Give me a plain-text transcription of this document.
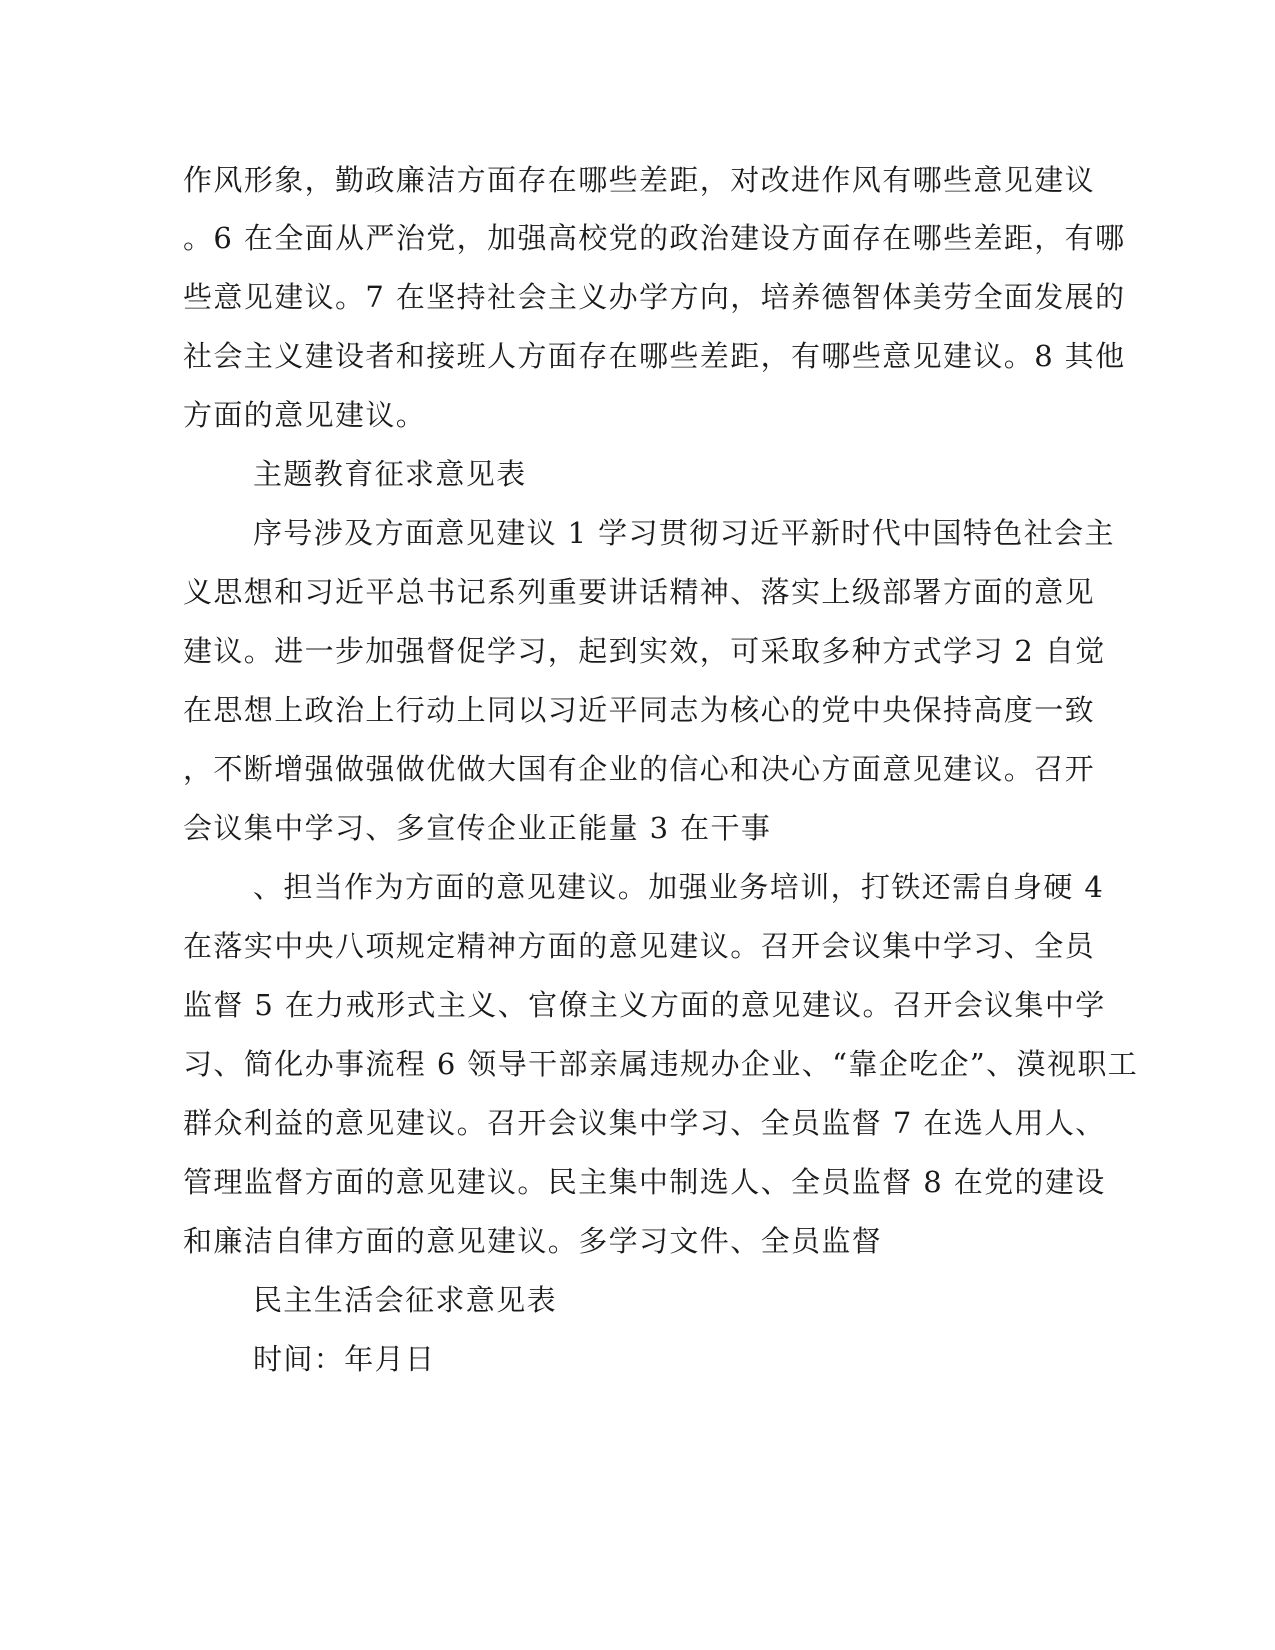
作风形象，勤政廉洁方面存在哪些差距，对改进作风有哪些意见建议
。6 在全面从严治党，加强高校党的政治建设方面存在哪些差距，有哪
些意见建议。7 在坚持社会主义办学方向，培养德智体美劳全面发展的
社会主义建设者和接班人方面存在哪些差距，有哪些意见建议。8 其他
方面的意见建议。
主题教育征求意见表
序号涉及方面意见建议 1 学习贯彻习近平新时代中国特色社会主
义思想和习近平总书记系列重要讲话精神、落实上级部署方面的意见
建议。进一步加强督促学习，起到实效，可采取多种方式学习 2 自觉
在思想上政治上行动上同以习近平同志为核心的党中央保持高度一致
，不断增强做强做优做大国有企业的信心和决心方面意见建议。召开
会议集中学习、多宣传企业正能量 3 在干事
、担当作为方面的意见建议。加强业务培训，打铁还需自身硬 4
在落实中央八项规定精神方面的意见建议。召开会议集中学习、全员
监督 5 在力戒形式主义、官僚主义方面的意见建议。召开会议集中学
习、简化办事流程 6 领导干部亲属违规办企业、“靠企吃企”、漠视职工
群众利益的意见建议。召开会议集中学习、全员监督 7 在选人用人、
管理监督方面的意见建议。民主集中制选人、全员监督 8 在党的建设
和廉洁自律方面的意见建议。多学习文件、全员监督
民主生活会征求意见表
时间：年月日
